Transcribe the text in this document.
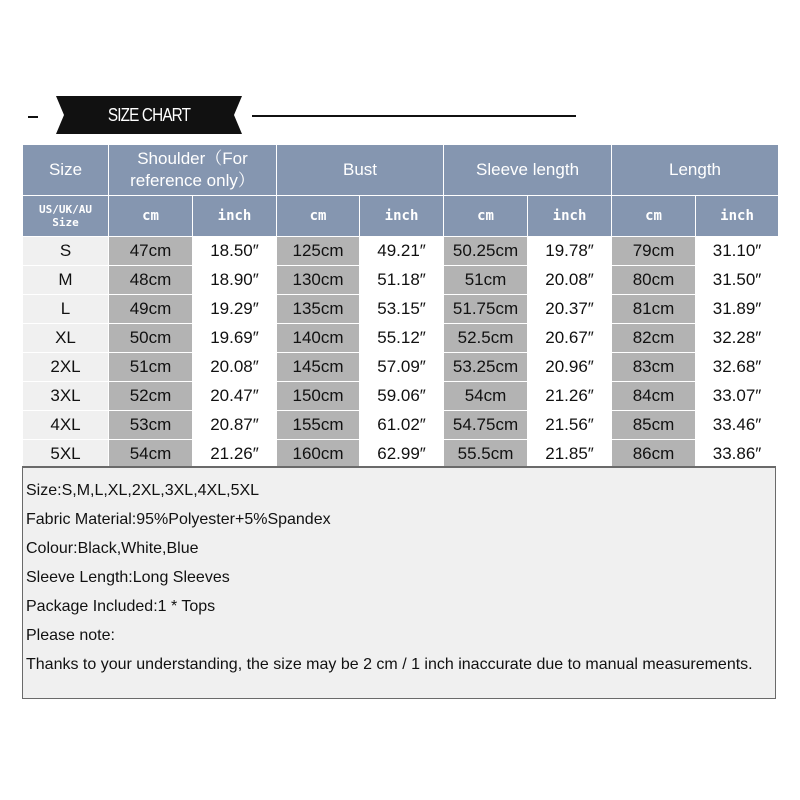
SIZE CHART
Size	Shoulder（For reference only）		Bust		Sleeve length		Length	
US/UK/AU Size	cm	inch	cm	inch	cm	inch	cm	inch
S	47cm	18.50″	125cm	49.21″	50.25cm	19.78″	79cm	31.10″
M	48cm	18.90″	130cm	51.18″	51cm	20.08″	80cm	31.50″
L	49cm	19.29″	135cm	53.15″	51.75cm	20.37″	81cm	31.89″
XL	50cm	19.69″	140cm	55.12″	52.5cm	20.67″	82cm	32.28″
2XL	51cm	20.08″	145cm	57.09″	53.25cm	20.96″	83cm	32.68″
3XL	52cm	20.47″	150cm	59.06″	54cm	21.26″	84cm	33.07″
4XL	53cm	20.87″	155cm	61.02″	54.75cm	21.56″	85cm	33.46″
5XL	54cm	21.26″	160cm	62.99″	55.5cm	21.85″	86cm	33.86″
Size:S,M,L,XL,2XL,3XL,4XL,5XL
Fabric Material:95%Polyester+5%Spandex
Colour:Black,White,Blue
Sleeve Length:Long Sleeves
Package Included:1 * Tops
Please note:
Thanks to your understanding, the size may be 2 cm / 1 inch inaccurate due to manual measurements.
